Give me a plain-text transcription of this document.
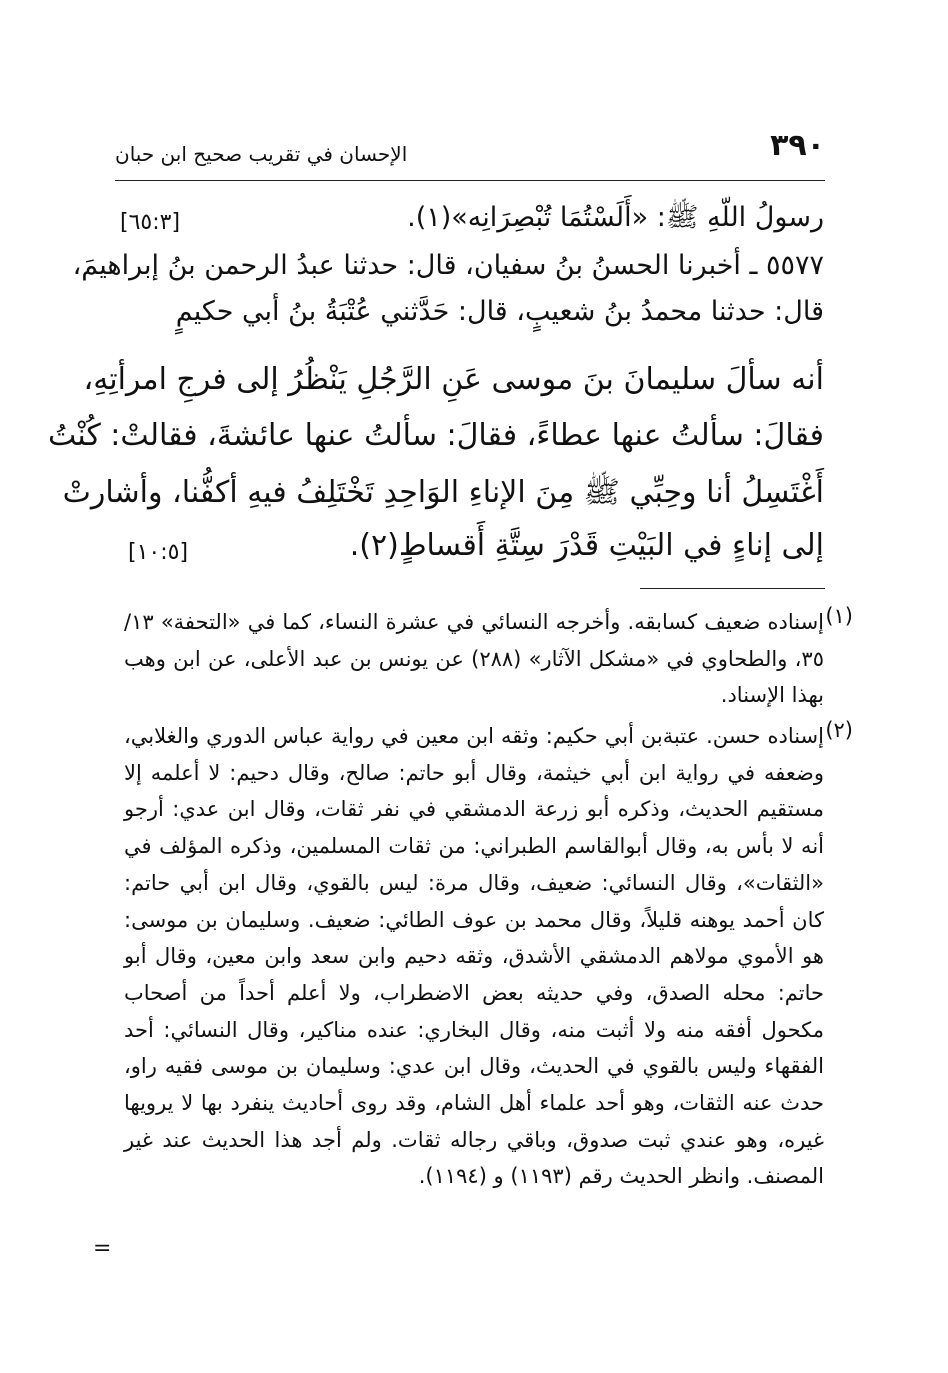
٣٩٠
الإحسان في تقريب صحيح ابن حبان
رسولُ اللّهِ ﷺ: «أَلَسْتُمَا تُبْصِرَانِه»(١).
[٦٥:٣]
٥٥٧٧ ـ أخبرنا الحسنُ بنُ سفيان، قال: حدثنا عبدُ الرحمن بنُ إبراهيمَ،
قال: حدثنا محمدُ بنُ شعيبٍ، قال: حَدَّثني عُتْبَةُ بنُ أبي حكيمٍ
أنه سألَ سليمانَ بنَ موسى عَنِ الرَّجُلِ يَنْظُرُ إلى فرجِ امرأتِهِ،
فقالَ: سألتُ عنها عطاءً، فقالَ: سألتُ عنها عائشةَ، فقالتْ: كُنْتُ
أَغْتَسِلُ أنا وحِبِّي ﷺ مِنَ الإناءِ الوَاحِدِ تَخْتَلِفُ فيهِ أكفُّنا، وأشارتْ
إلى إناءٍ في البَيْتِ قَدْرَ سِتَّةِ أَقساطٍ(٢).
[١٠:٥]
(١)
إسناده ضعيف كسابقه. وأخرجه النسائي في عشرة النساء، كما في «التحفة» ١٣/ ٣٥، والطحاوي في «مشكل الآثار» (٢٨٨) عن يونس بن عبد الأعلى، عن ابن وهب بهذا الإسناد.
(٢)
إسناده حسن. عتبةبن أبي حكيم: وثقه ابن معين في رواية عباس الدوري والغلابي، وضعفه في رواية ابن أبي خيثمة، وقال أبو حاتم: صالح، وقال دحيم: لا أعلمه إلا مستقيم الحديث، وذكره أبو زرعة الدمشقي في نفر ثقات، وقال ابن عدي: أرجو أنه لا بأس به، وقال أبوالقاسم الطبراني: من ثقات المسلمين، وذكره المؤلف في «الثقات»، وقال النسائي: ضعيف، وقال مرة: ليس بالقوي، وقال ابن أبي حاتم: كان أحمد يوهنه قليلاً، وقال محمد بن عوف الطائي: ضعيف. وسليمان بن موسى: هو الأموي مولاهم الدمشقي الأشدق، وثقه دحيم وابن سعد وابن معين، وقال أبو حاتم: محله الصدق، وفي حديثه بعض الاضطراب، ولا أعلم أحداً من أصحاب مكحول أفقه منه ولا أثبت منه، وقال البخاري: عنده مناكير، وقال النسائي: أحد الفقهاء وليس بالقوي في الحديث، وقال ابن عدي: وسليمان بن موسى فقيه راو، حدث عنه الثقات، وهو أحد علماء أهل الشام، وقد روى أحاديث ينفرد بها لا يرويها غيره، وهو عندي ثبت صدوق، وباقي رجاله ثقات. ولم أجد هذا الحديث عند غير المصنف. وانظر الحديث رقم (١١٩٣) و (١١٩٤).
=
